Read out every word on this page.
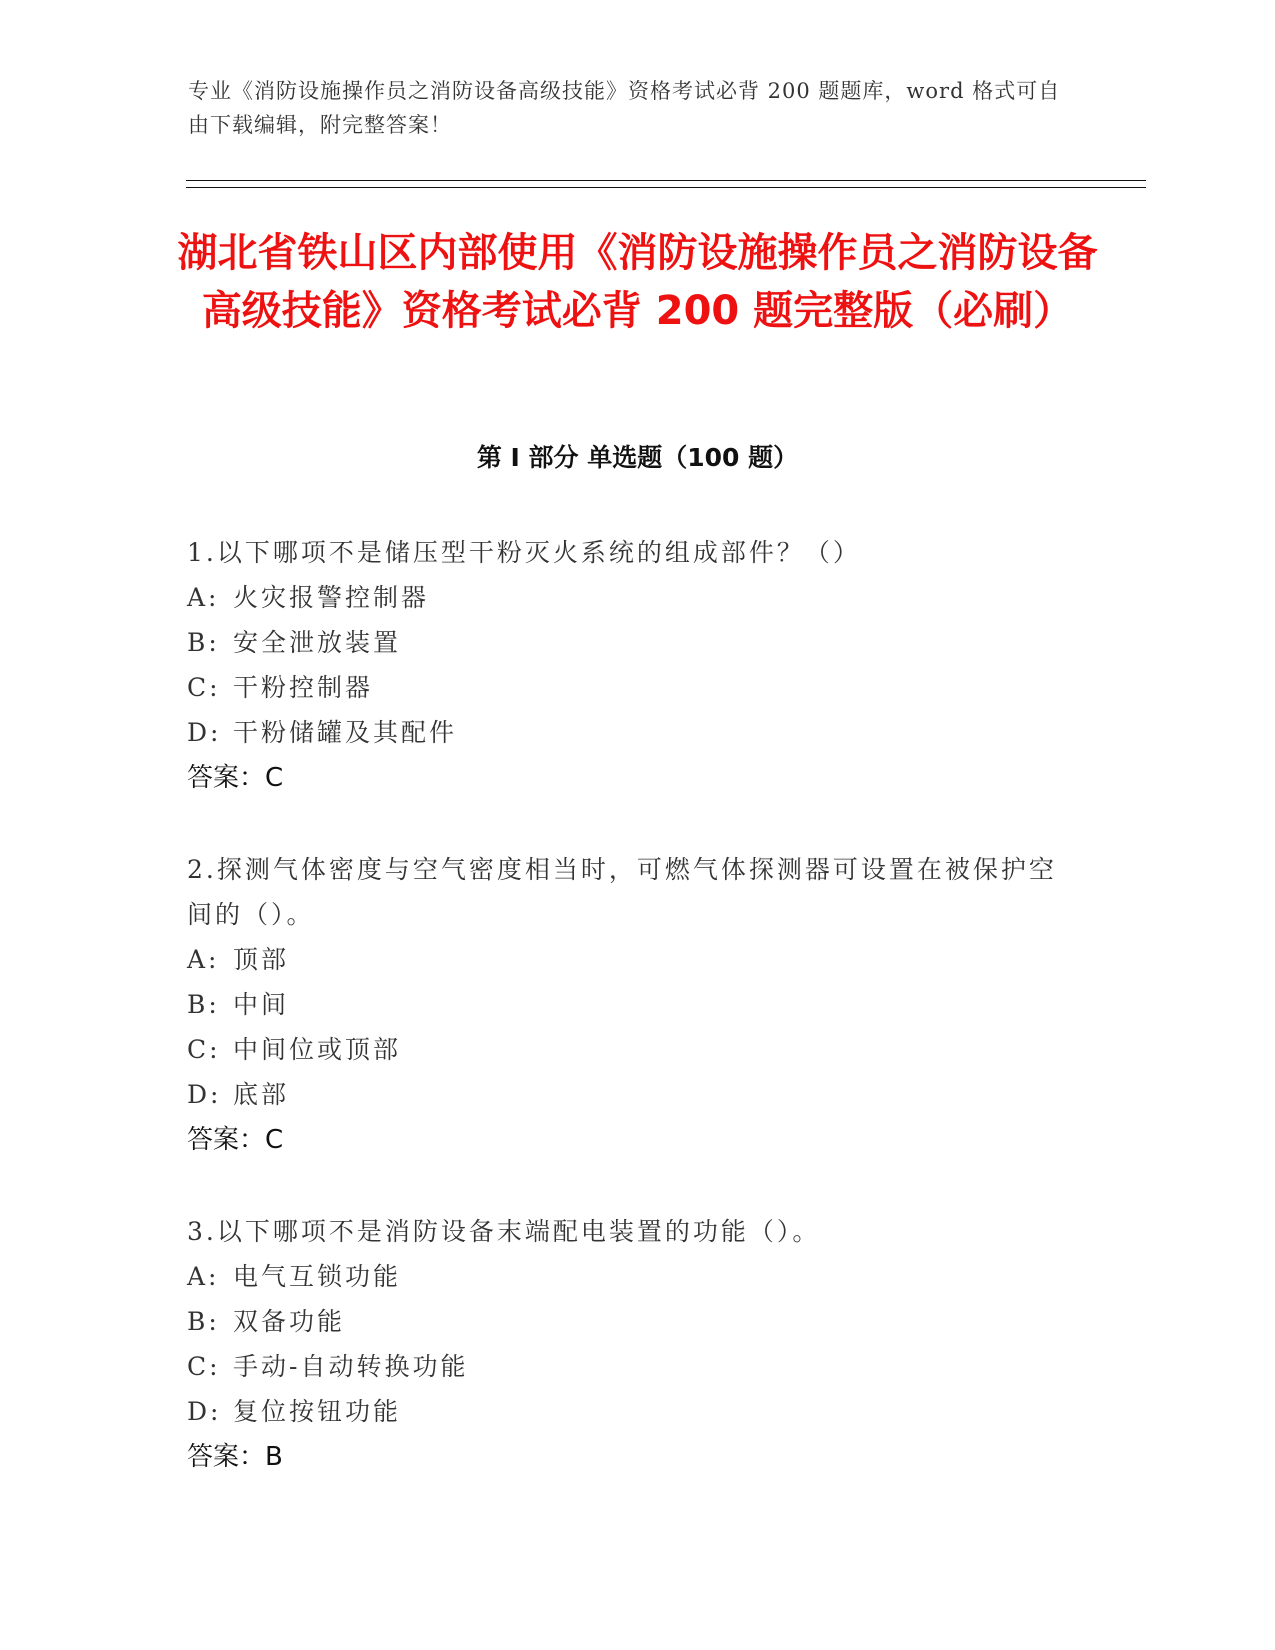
专业《消防设施操作员之消防设备高级技能》资格考试必背 200 题题库，word 格式可自由下载编辑，附完整答案！
湖北省铁山区内部使用《消防设施操作员之消防设备高级技能》资格考试必背 200 题完整版（必刷）
第 I 部分 单选题（100 题）
1.以下哪项不是储压型干粉灭火系统的组成部件？（）
A: 火灾报警控制器
B: 安全泄放装置
C: 干粉控制器
D: 干粉储罐及其配件
答案：C
2.探测气体密度与空气密度相当时，可燃气体探测器可设置在被保护空间的（）。
A: 顶部
B: 中间
C: 中间位或顶部
D: 底部
答案：C
3.以下哪项不是消防设备末端配电装置的功能（）。
A: 电气互锁功能
B: 双备功能
C: 手动-自动转换功能
D: 复位按钮功能
答案：B
